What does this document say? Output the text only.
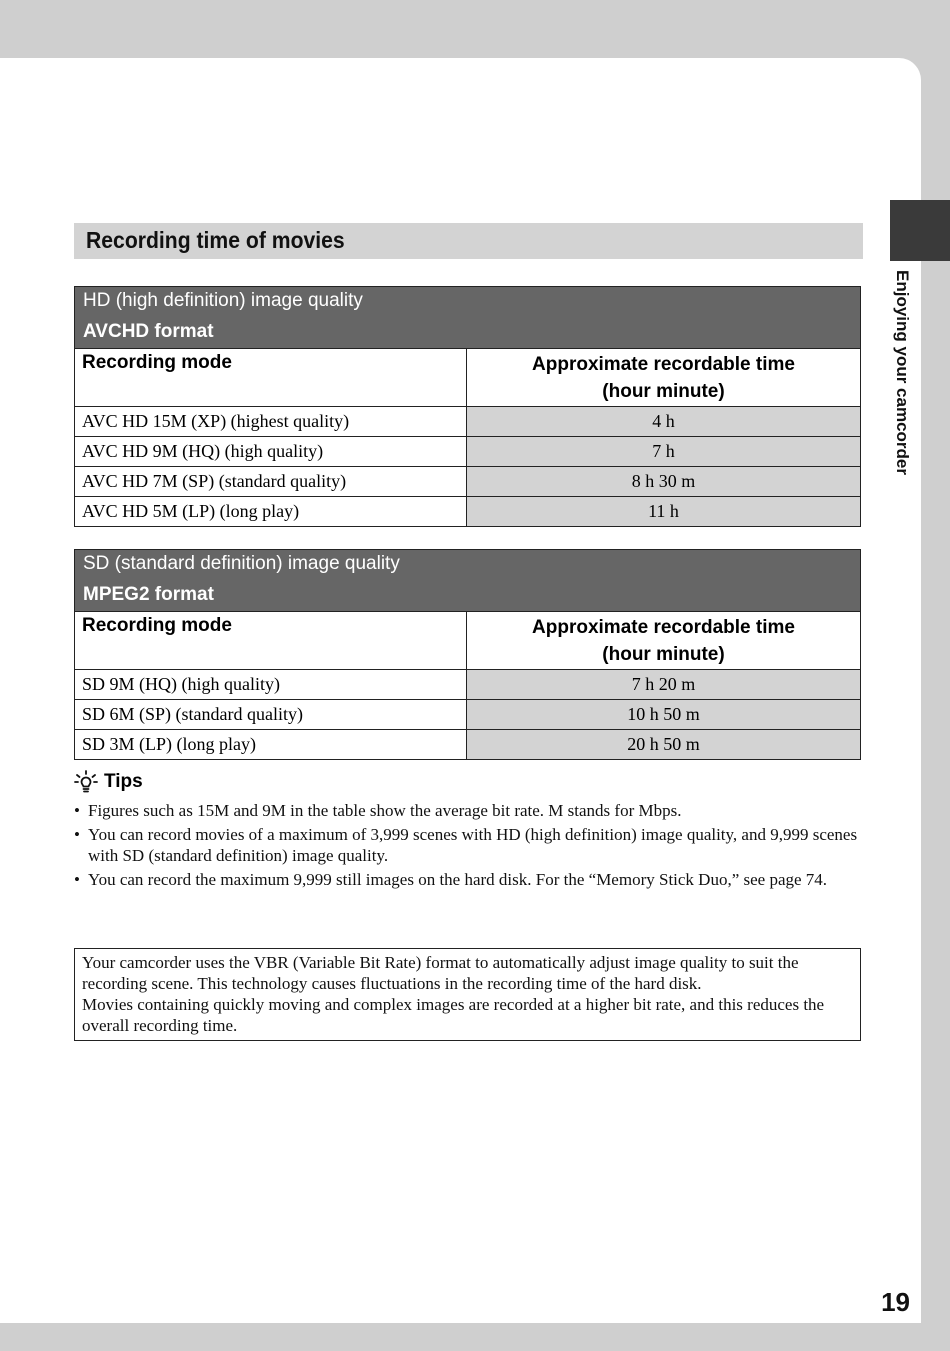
Recording time of movies
Enjoying your camcorder
HD (high definition) image quality
AVCHD format
Recording mode	Approximate recordable time
(hour minute)
AVC HD 15M (XP) (highest quality)	4 h
AVC HD 9M (HQ) (high quality)	7 h
AVC HD 7M (SP) (standard quality)	8 h 30 m
AVC HD 5M (LP) (long play)	11 h
SD (standard definition) image quality
MPEG2 format
Recording mode	Approximate recordable time
(hour minute)
SD 9M (HQ) (high quality)	7 h 20 m
SD 6M (SP) (standard quality)	10 h 50 m
SD 3M (LP) (long play)	20 h 50 m
Tips
• Figures such as 15M and 9M in the table show the average bit rate. M stands for Mbps.
• You can record movies of a maximum of 3,999 scenes with HD (high definition) image quality, and 9,999 scenes with SD (standard definition) image quality.
• You can record the maximum 9,999 still images on the hard disk. For the “Memory Stick Duo,” see page 74.
Your camcorder uses the VBR (Variable Bit Rate) format to automatically adjust image quality to suit the recording scene. This technology causes fluctuations in the recording time of the hard disk.
Movies containing quickly moving and complex images are recorded at a higher bit rate, and this reduces the overall recording time.
19
